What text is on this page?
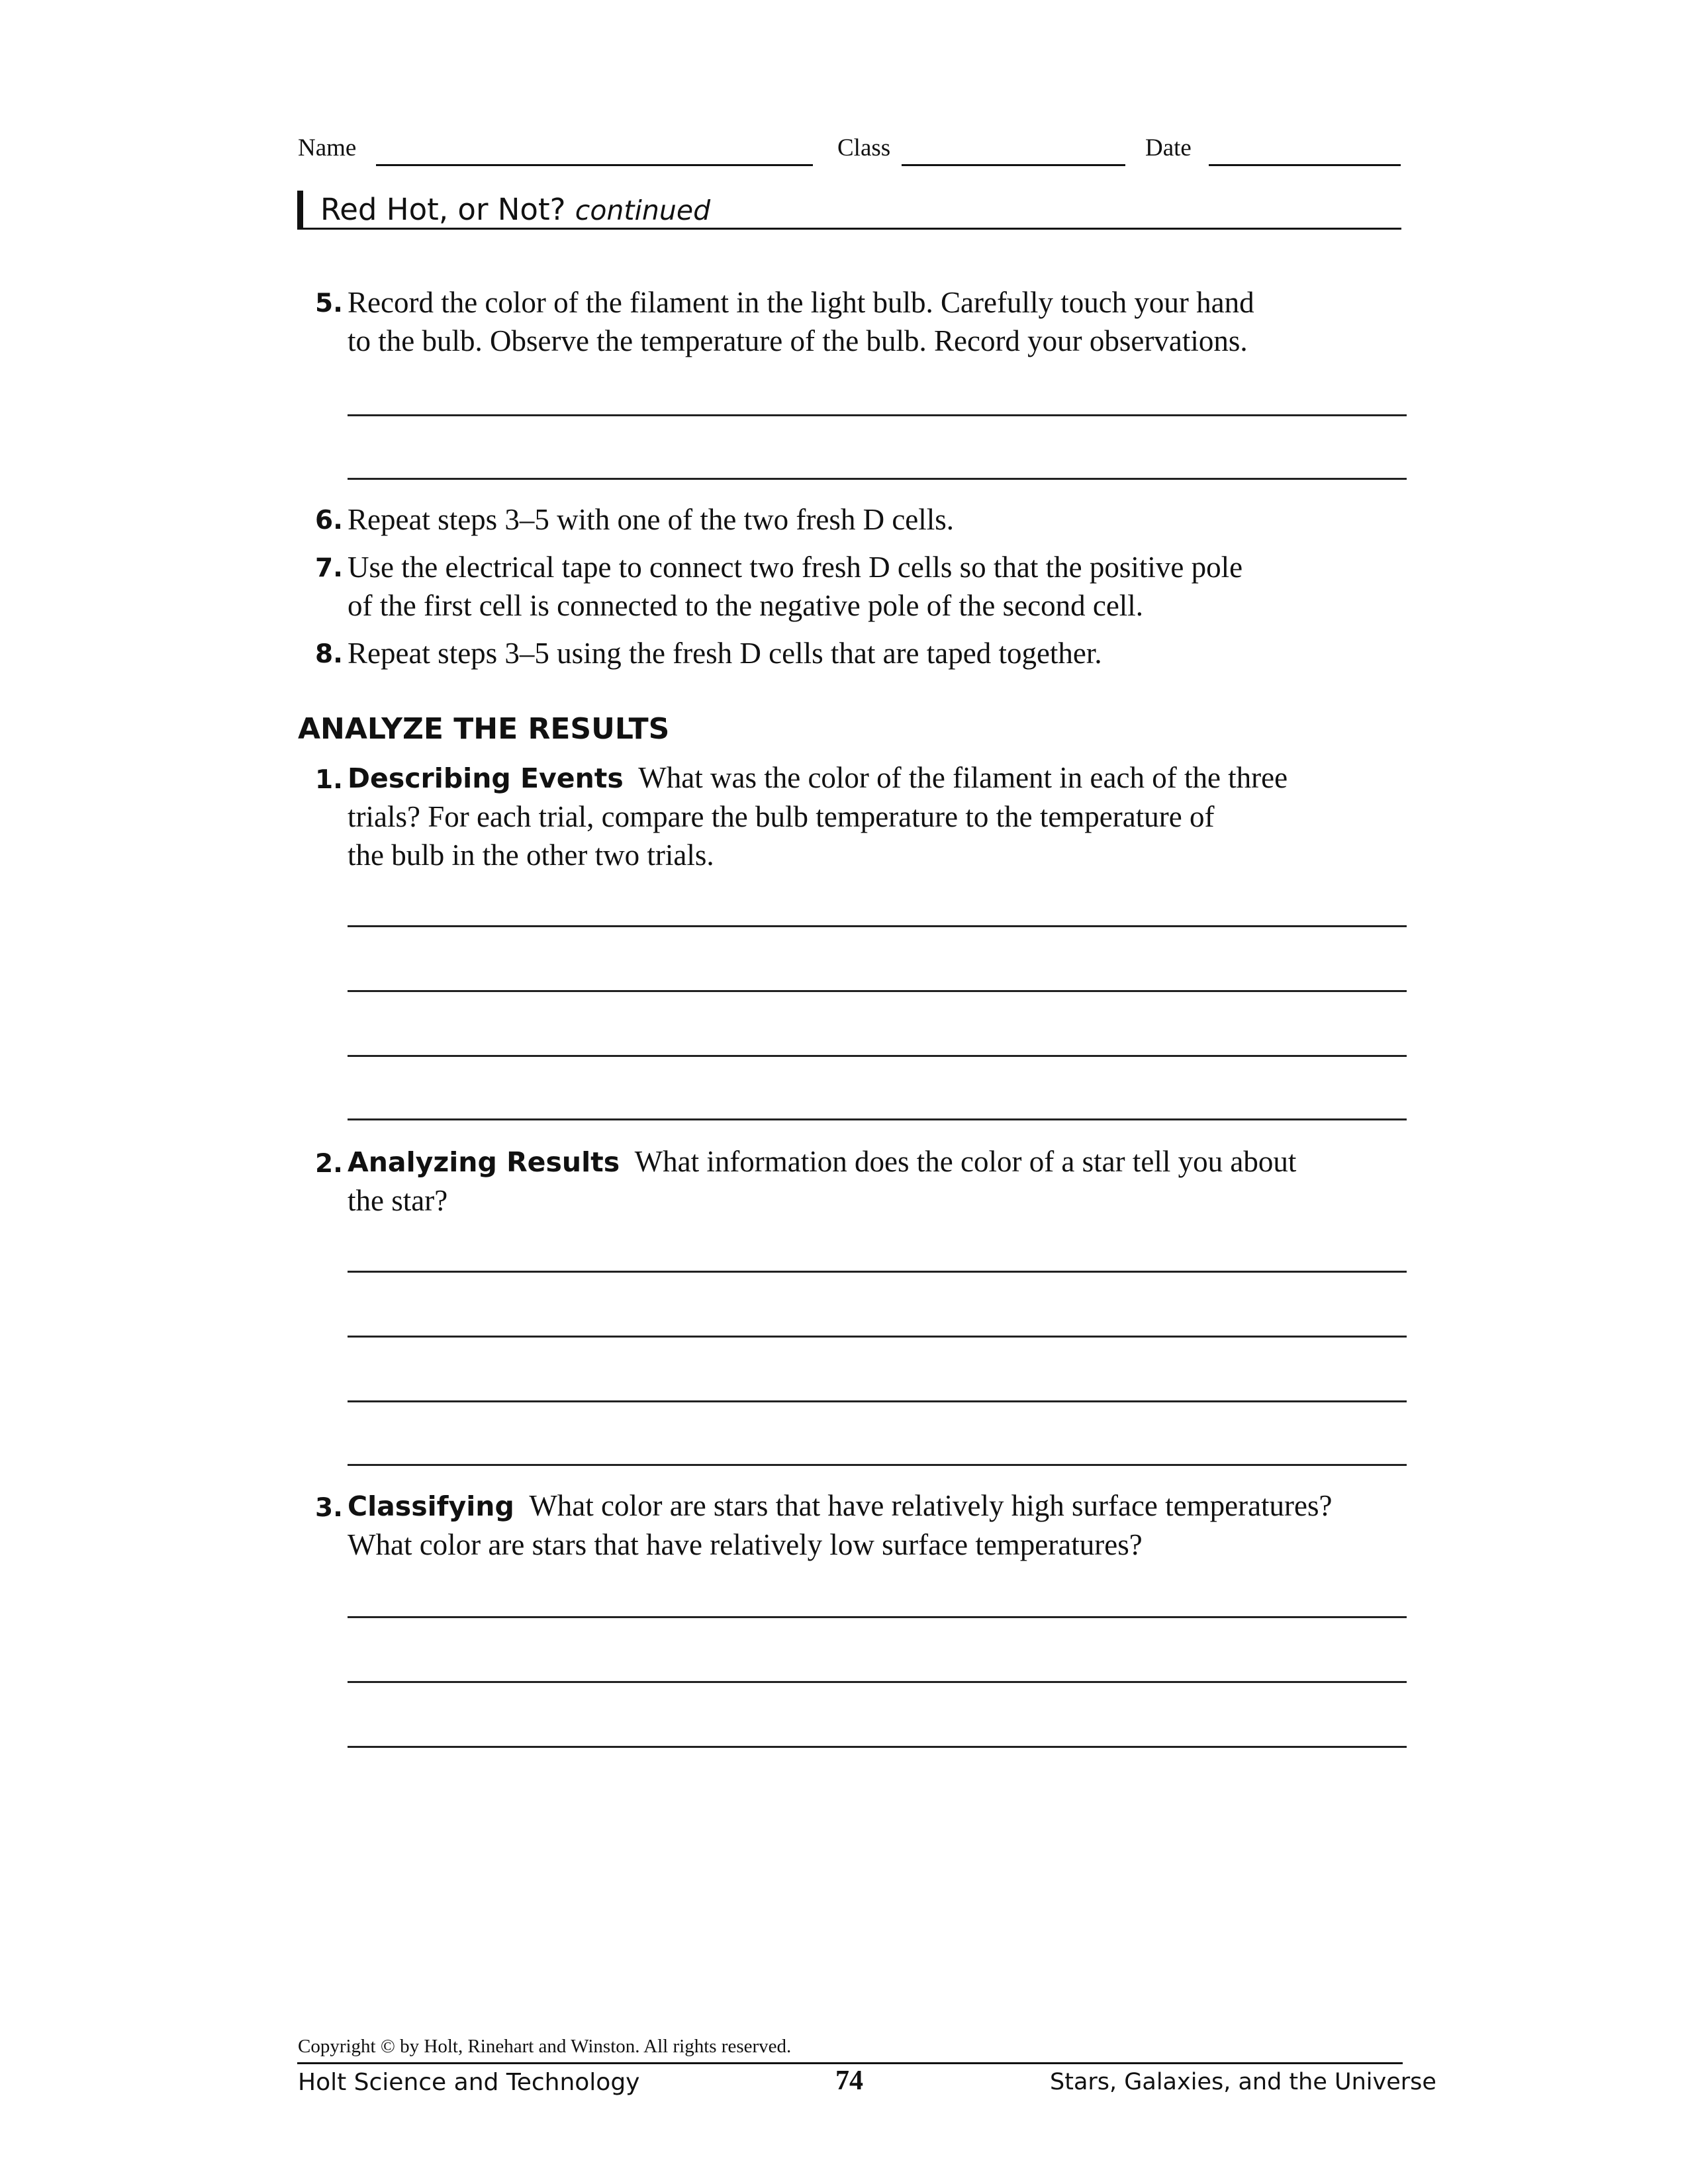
Name	Class	Date
Red Hot, or Not? continued
5. Record the color of the filament in the light bulb. Carefully touch your hand
to the bulb. Observe the temperature of the bulb. Record your observations.
6. Repeat steps 3–5 with one of the two fresh D cells.
7. Use the electrical tape to connect two fresh D cells so that the positive pole
of the first cell is connected to the negative pole of the second cell.
8. Repeat steps 3–5 using the fresh D cells that are taped together.
ANALYZE THE RESULTS
1. Describing Events What was the color of the filament in each of the three
trials? For each trial, compare the bulb temperature to the temperature of
the bulb in the other two trials.
2. Analyzing Results What information does the color of a star tell you about
the star?
3. Classifying What color are stars that have relatively high surface temperatures?
What color are stars that have relatively low surface temperatures?
Copyright © by Holt, Rinehart and Winston. All rights reserved.
Holt Science and Technology	74	Stars, Galaxies, and the Universe
